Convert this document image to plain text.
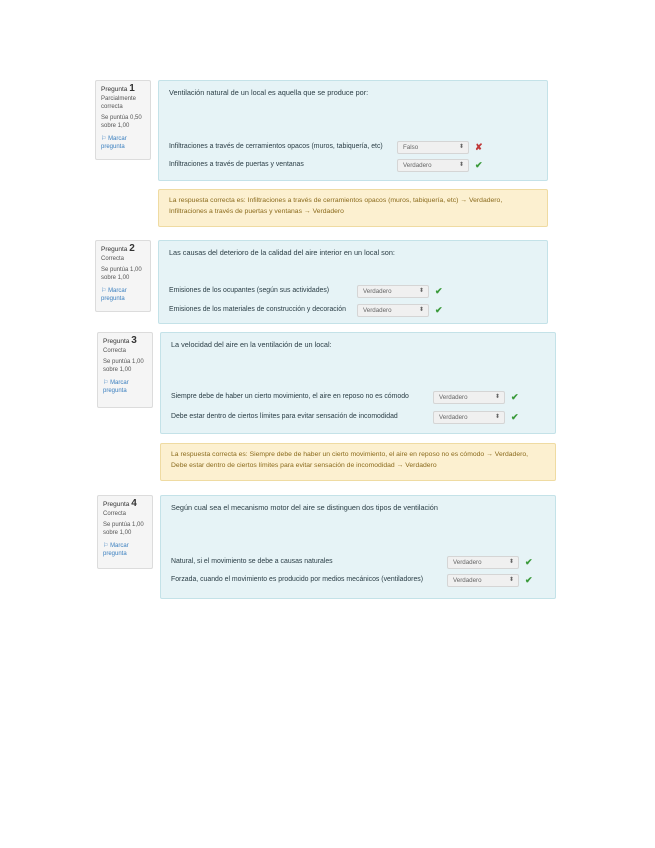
Pregunta 1
Parcialmente correcta
Se puntúa 0,50 sobre 1,00
⚐ Marcar pregunta
Ventilación natural de un local es aquella que se produce por:
Infiltraciones a través de cerramientos opacos (muros, tabiquería, etc)	Falso	⬍ ✘
Infiltraciones a través de puertas y ventanas	Verdadero	⬍ ✔
La respuesta correcta es: Infiltraciones a través de cerramientos opacos (muros, tabiquería, etc) → Verdadero, Infiltraciones a través de puertas y ventanas → Verdadero
Pregunta 2
Correcta
Se puntúa 1,00 sobre 1,00
⚐ Marcar pregunta
Las causas del deterioro de la calidad del aire interior en un local son:
Emisiones de los ocupantes (según sus actividades)	Verdadero	⬍ ✔
Emisiones de los materiales de construcción y decoración	Verdadero	⬍ ✔
Pregunta 3
Correcta
Se puntúa 1,00 sobre 1,00
⚐ Marcar pregunta
La velocidad del aire en la ventilación de un local:
Siempre debe de haber un cierto movimiento, el aire en reposo no es cómodo	Verdadero	⬍ ✔
Debe estar dentro de ciertos límites para evitar sensación de incomodidad	Verdadero	⬍ ✔
La respuesta correcta es: Siempre debe de haber un cierto movimiento, el aire en reposo no es cómodo → Verdadero, Debe estar dentro de ciertos límites para evitar sensación de incomodidad → Verdadero
Pregunta 4
Correcta
Se puntúa 1,00 sobre 1,00
⚐ Marcar pregunta
Según cual sea el mecanismo motor del aire se distinguen dos tipos de ventilación
Natural, si el movimiento se debe a causas naturales	Verdadero	⬍ ✔
Forzada, cuando el movimiento es producido por medios mecánicos (ventiladores)	Verdadero	⬍ ✔
